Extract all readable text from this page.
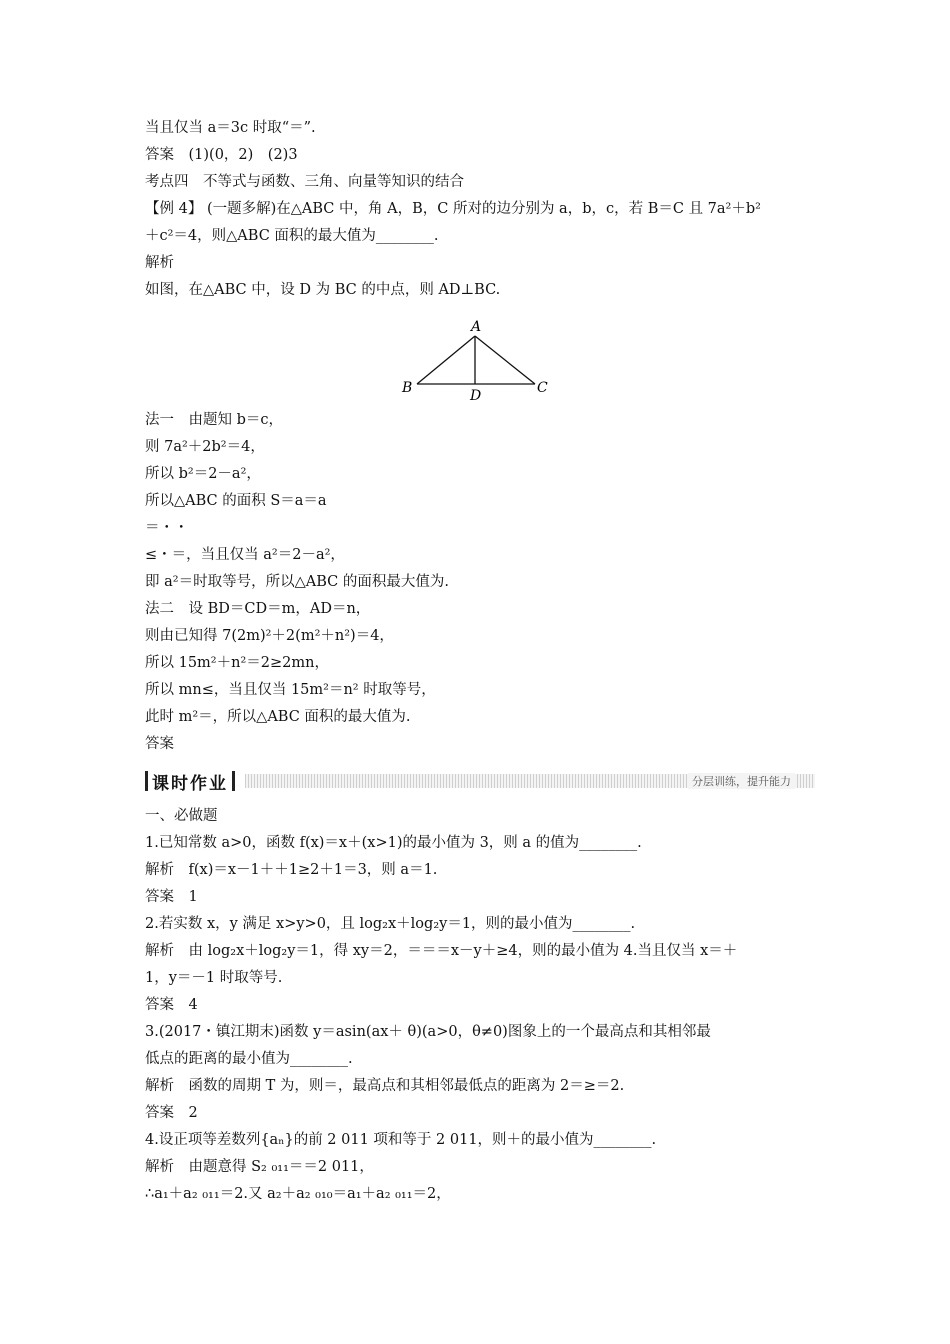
当且仅当 a＝3c 时取“＝”.
答案　(1)(0，2)　(2)3
考点四　不等式与函数、三角、向量等知识的结合
【例 4】 (一题多解)在△ABC 中，角 A，B，C 所对的边分别为 a，b，c，若 B＝C 且 7a²＋b²
＋c²＝4，则△ABC 面积的最大值为________.
解析
如图，在△ABC 中，设 D 为 BC 的中点，则 AD⊥BC.
A
B	C
D
法一　由题知 b＝c，
则 7a²＋2b²＝4，
所以 b²＝2－a²，
所以△ABC 的面积 S＝a＝a
＝・・
≤・＝，当且仅当 a²＝2－a²，
即 a²＝时取等号，所以△ABC 的面积最大值为.
法二　设 BD＝CD＝m，AD＝n，
则由已知得 7(2m)²＋2(m²＋n²)＝4，
所以 15m²＋n²＝2≥2mn，
所以 mn≤，当且仅当 15m²＝n² 时取等号，
此时 m²＝，所以△ABC 面积的最大值为.
答案
课时作业	分层训练，提升能力
一、必做题
1.已知常数 a>0，函数 f(x)＝x＋(x>1)的最小值为 3，则 a 的值为________.
解析　f(x)＝x－1＋＋1≥2＋1＝3，则 a＝1.
答案　1
2.若实数 x，y 满足 x>y>0，且 log₂x＋log₂y＝1，则的最小值为________.
解析　由 log₂x＋log₂y＝1，得 xy＝2，＝＝＝x－y＋≥4，则的最小值为 4.当且仅当 x＝＋
1，y＝－1 时取等号.
答案　4
3.(2017・镇江期末)函数 y＝asin(ax＋ θ)(a>0，θ≠0)图象上的一个最高点和其相邻最
低点的距离的最小值为________.
解析　函数的周期 T 为，则＝，最高点和其相邻最低点的距离为 2＝≥＝2.
答案　2
4.设正项等差数列{aₙ}的前 2 011 项和等于 2 011，则＋的最小值为________.
解析　由题意得 S₂ ₀₁₁＝＝2 011，
∴a₁＋a₂ ₀₁₁＝2.又 a₂＋a₂ ₀₁₀＝a₁＋a₂ ₀₁₁＝2，
